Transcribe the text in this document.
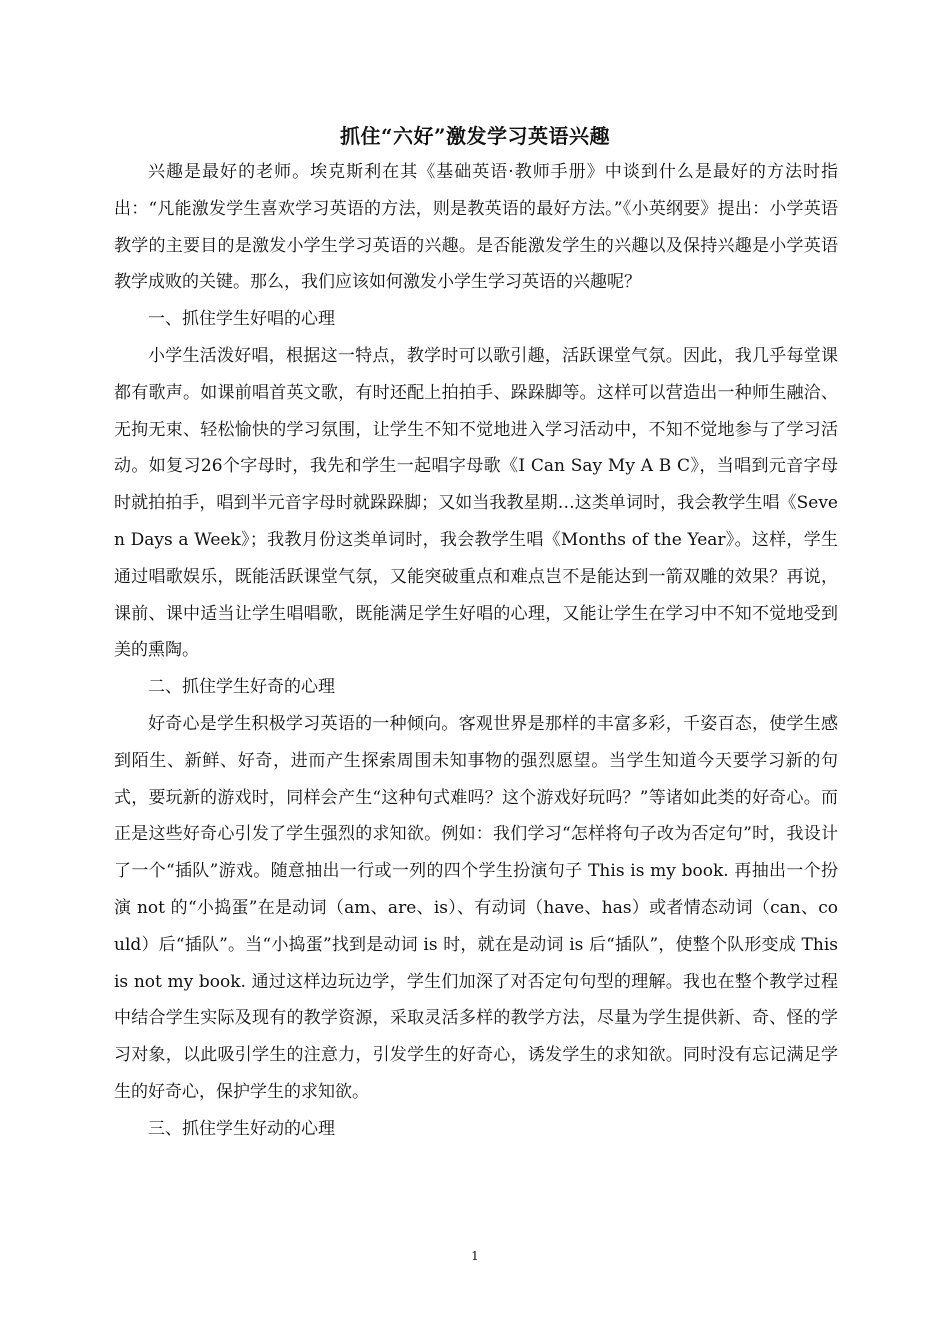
抓住“六好”激发学习英语兴趣

兴趣是最好的老师。埃克斯利在其《基础英语·教师手册》中谈到什么是最好的方法时指出：“凡能激发学生喜欢学习英语的方法，则是教英语的最好方法。”《小英纲要》提出：小学英语教学的主要目的是激发小学生学习英语的兴趣。是否能激发学生的兴趣以及保持兴趣是小学英语教学成败的关键。那么，我们应该如何激发小学生学习英语的兴趣呢？

一、抓住学生好唱的心理

小学生活泼好唱，根据这一特点，教学时可以歌引趣，活跃课堂气氛。因此，我几乎每堂课都有歌声。如课前唱首英文歌，有时还配上拍拍手、跺跺脚等。这样可以营造出一种师生融洽、无拘无束、轻松愉快的学习氛围，让学生不知不觉地进入学习活动中，不知不觉地参与了学习活动。如复习26个字母时，我先和学生一起唱字母歌《I Can Say My A B C》，当唱到元音字母时就拍拍手，唱到半元音字母时就跺跺脚；又如当我教星期…这类单词时，我会教学生唱《Seven Days a Week》；我教月份这类单词时，我会教学生唱《Months of the Year》。这样，学生通过唱歌娱乐，既能活跃课堂气氛，又能突破重点和难点岂不是能达到一箭双雕的效果？再说，课前、课中适当让学生唱唱歌，既能满足学生好唱的心理，又能让学生在学习中不知不觉地受到美的熏陶。

二、抓住学生好奇的心理

好奇心是学生积极学习英语的一种倾向。客观世界是那样的丰富多彩，千姿百态，使学生感到陌生、新鲜、好奇，进而产生探索周围未知事物的强烈愿望。当学生知道今天要学习新的句式，要玩新的游戏时，同样会产生“这种句式难吗？这个游戏好玩吗？”等诸如此类的好奇心。而正是这些好奇心引发了学生强烈的求知欲。例如：我们学习“怎样将句子改为否定句”时，我设计了一个“插队”游戏。随意抽出一行或一列的四个学生扮演句子 This is my book. 再抽出一个扮演 not 的“小捣蛋”在是动词（am、are、is）、有动词（have、has）或者情态动词（can、could）后“插队”。当“小捣蛋”找到是动词 is 时，就在是动词 is 后“插队”，使整个队形变成 This is not my book. 通过这样边玩边学，学生们加深了对否定句句型的理解。我也在整个教学过程中结合学生实际及现有的教学资源，采取灵活多样的教学方法，尽量为学生提供新、奇、怪的学习对象，以此吸引学生的注意力，引发学生的好奇心，诱发学生的求知欲。同时没有忘记满足学生的好奇心，保护学生的求知欲。

三、抓住学生好动的心理

1
